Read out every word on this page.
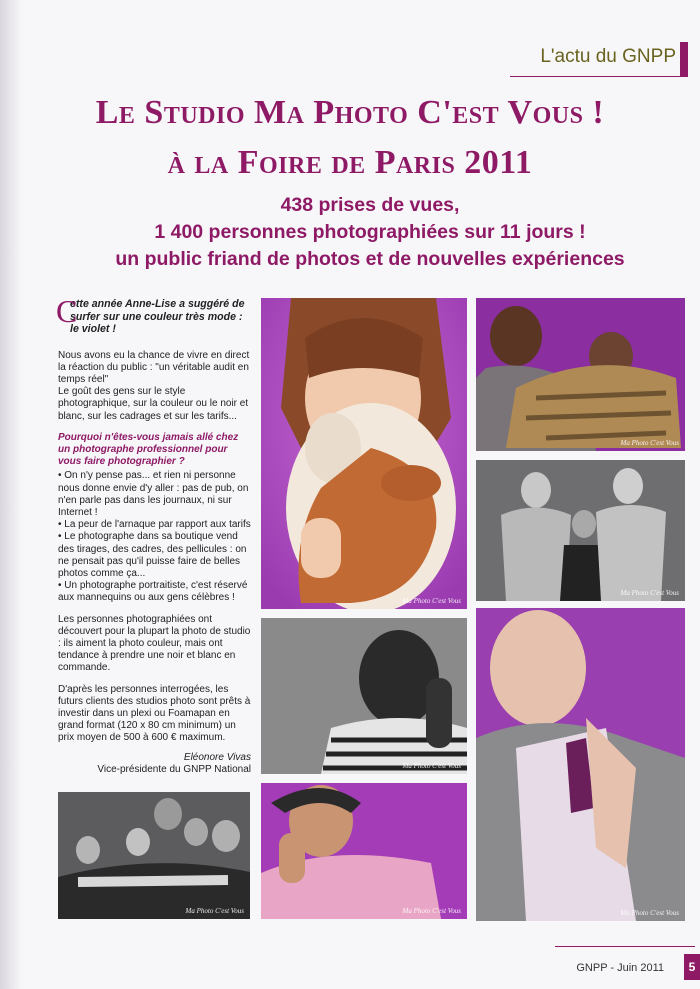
L'actu du GNPP
Le Studio Ma Photo C'est Vous !
à la Foire de Paris 2011
438 prises de vues,
1 400 personnes photographiées sur 11 jours !
un public friand de photos et de nouvelles expériences
C
ette année Anne-Lise a suggéré de surfer sur une couleur très mode : le violet !

Nous avons eu la chance de vivre en direct la réaction du public : "un véritable audit en temps réel"
Le goût des gens sur le style photographique, sur la couleur ou le noir et blanc, sur les cadrages et sur les tarifs...

Pourquoi n'êtes-vous jamais allé chez un photographe professionnel pour vous faire photographier ?

• On n'y pense pas... et rien ni personne nous donne envie d'y aller : pas de pub, on n'en parle pas dans les journaux, ni sur Internet !
• La peur de l'arnaque par rapport aux tarifs
• Le photographe dans sa boutique vend des tirages, des cadres, des pellicules : on ne pensait pas qu'il puisse faire de belles photos comme ça...
• Un photographe portraitiste, c'est réservé aux mannequins ou aux gens célèbres !

Les personnes photographiées ont découvert pour la plupart la photo de studio : ils aiment la photo couleur, mais ont tendance à prendre une noir et blanc en commande.

D'après les personnes interrogées, les futurs clients des studios photo sont prêts à investir dans un plexi ou Foamapan en grand format (120 x 80 cm minimum) un prix moyen de 500 à 600 € maximum.

Eléonore Vivas
Vice-présidente du GNPP National
Ma Photo C'est Vous
Ma Photo C'est Vous
Ma Photo C'est Vous
Ma Photo C'est Vous
Ma Photo C'est Vous
Ma Photo C'est Vous	Ma Photo C'est Vous
GNPP - Juin 2011	5
